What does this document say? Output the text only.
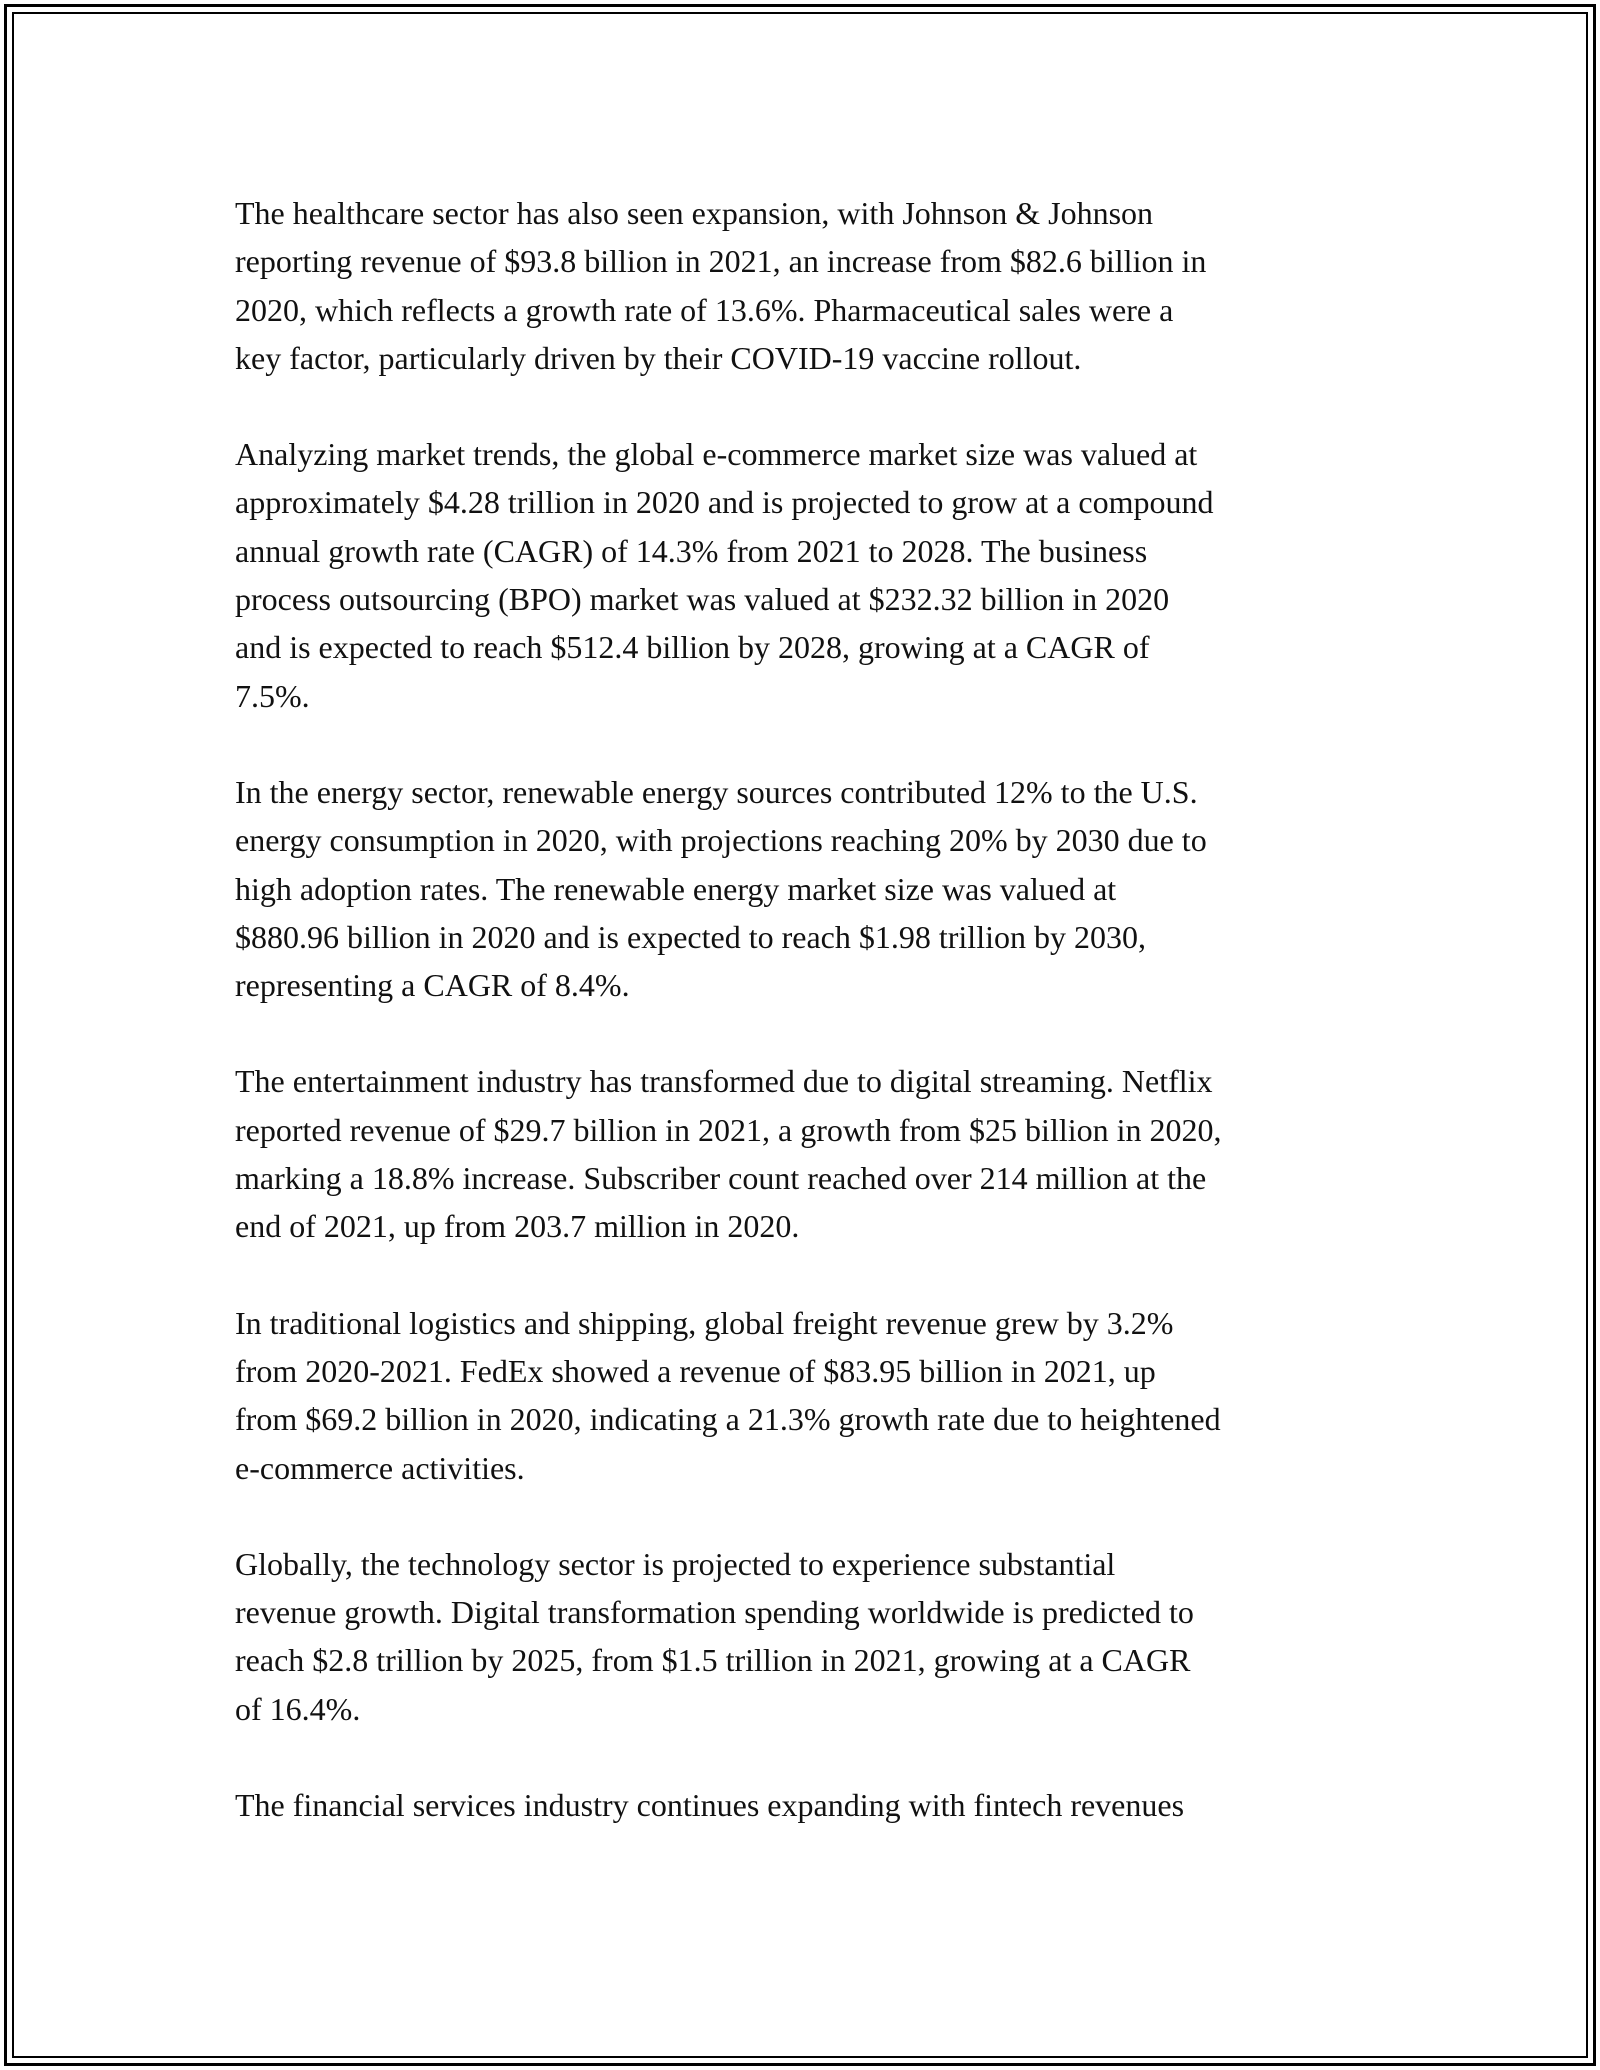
The healthcare sector has also seen expansion, with Johnson & Johnson
reporting revenue of $93.8 billion in 2021, an increase from $82.6 billion in
2020, which reflects a growth rate of 13.6%. Pharmaceutical sales were a
key factor, particularly driven by their COVID-19 vaccine rollout.

Analyzing market trends, the global e-commerce market size was valued at
approximately $4.28 trillion in 2020 and is projected to grow at a compound
annual growth rate (CAGR) of 14.3% from 2021 to 2028. The business
process outsourcing (BPO) market was valued at $232.32 billion in 2020
and is expected to reach $512.4 billion by 2028, growing at a CAGR of
7.5%.

In the energy sector, renewable energy sources contributed 12% to the U.S.
energy consumption in 2020, with projections reaching 20% by 2030 due to
high adoption rates. The renewable energy market size was valued at
$880.96 billion in 2020 and is expected to reach $1.98 trillion by 2030,
representing a CAGR of 8.4%.

The entertainment industry has transformed due to digital streaming. Netflix
reported revenue of $29.7 billion in 2021, a growth from $25 billion in 2020,
marking a 18.8% increase. Subscriber count reached over 214 million at the
end of 2021, up from 203.7 million in 2020.

In traditional logistics and shipping, global freight revenue grew by 3.2%
from 2020-2021. FedEx showed a revenue of $83.95 billion in 2021, up
from $69.2 billion in 2020, indicating a 21.3% growth rate due to heightened
e-commerce activities.

Globally, the technology sector is projected to experience substantial
revenue growth. Digital transformation spending worldwide is predicted to
reach $2.8 trillion by 2025, from $1.5 trillion in 2021, growing at a CAGR
of 16.4%.

The financial services industry continues expanding with fintech revenues
